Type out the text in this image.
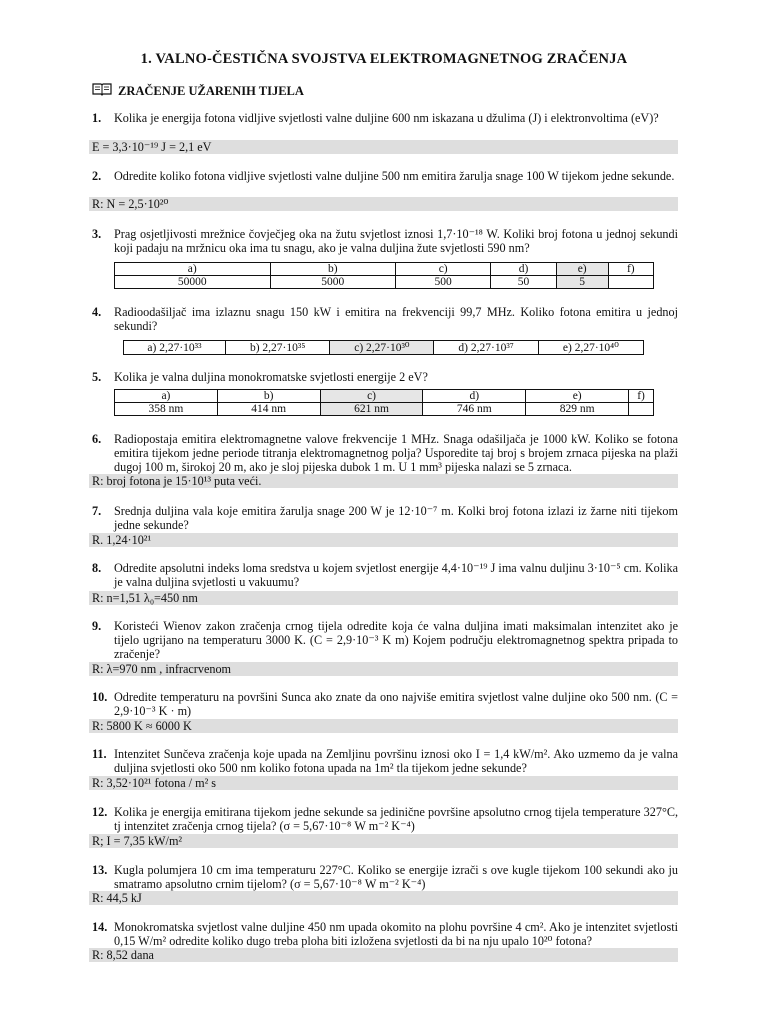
1. VALNO-ČESTIČNA SVOJSTVA ELEKTROMAGNETNOG ZRAČENJA
ZRAČENJE UŽARENIH TIJELA
1. Kolika je energija fotona vidljive svjetlosti valne duljine 600 nm iskazana u džulima (J) i elektronvoltima (eV)?
E = 3,3·10⁻¹⁹ J = 2,1 eV
2. Odredite koliko fotona vidljive svjetlosti valne duljine 500 nm emitira žarulja snage 100 W tijekom jedne sekunde.
R: N = 2,5·10²⁰
3. Prag osjetljivosti mrežnice čovječjeg oka na žutu svjetlost iznosi 1,7·10⁻¹⁸ W. Koliki broj fotona u jednoj sekundi koji padaju na mržnicu oka ima tu snagu, ako je valna duljina žute svjetlosti 590 nm?
a)	b)	c)	d)	e)	f)
50000	5000	500	50	5	
4. Radioodašiljač ima izlaznu snagu 150 kW i emitira na frekvenciji 99,7 MHz. Koliko fotona emitira u jednoj sekundi?
a) 2,27·10³³	b) 2,27·10³⁵	c) 2,27·10³⁰	d) 2,27·10³⁷	e) 2,27·10⁴⁰
5. Kolika je valna duljina monokromatske svjetlosti energije 2 eV?
a)	b)	c)	d)	e)	f)
358 nm	414 nm	621 nm	746 nm	829 nm	
6. Radiopostaja emitira elektromagnetne valove frekvencije 1 MHz. Snaga odašiljača je 1000 kW. Koliko se fotona emitira tijekom jedne periode titranja elektromagnetnog polja? Usporedite taj broj s brojem zrnaca pijeska na plaži dugoj 100 m, širokoj 20 m, ako je sloj pijeska dubok 1 m. U 1 mm³ pijeska nalazi se 5 zrnaca.
R: broj fotona je 15·10¹³ puta veći.
7. Srednja duljina vala koje emitira žarulja snage 200 W je 12·10⁻⁷ m. Kolki broj fotona izlazi iz žarne niti tijekom jedne sekunde?
R. 1,24·10²¹
8. Odredite apsolutni indeks loma sredstva u kojem svjetlost energije 4,4·10⁻¹⁹ J ima valnu duljinu 3·10⁻⁵ cm. Kolika je valna duljina svjetlosti u vakuumu?
R: n=1,51 λ₀=450 nm
9. Koristeći Wienov zakon zračenja crnog tijela odredite koja će valna duljina imati maksimalan intenzitet ako je tijelo ugrijano na temperaturu 3000 K. (C = 2,9·10⁻³ K m) Kojem području elektromagnetnog spektra pripada to zračenje?
R: λ=970 nm , infracrvenom
10. Odredite temperaturu na površini Sunca ako znate da ono najviše emitira svjetlost valne duljine oko 500 nm. (C = 2,9·10⁻³ K · m)
R: 5800 K ≈ 6000 K
11. Intenzitet Sunčeva zračenja koje upada na Zemljinu površinu iznosi oko I = 1,4 kW/m². Ako uzmemo da je valna duljina svjetlosti oko 500 nm koliko fotona upada na 1m² tla tijekom jedne sekunde?
R: 3,52·10²¹ fotona / m² s
12. Kolika je energija emitirana tijekom jedne sekunde sa jedinične površine apsolutno crnog tijela temperature 327°C, tj intenzitet zračenja crnog tijela? (σ = 5,67·10⁻⁸ W m⁻² K⁻⁴)
R; I = 7,35 kW/m²
13. Kugla polumjera 10 cm ima temperaturu 227°C. Koliko se energije izrači s ove kugle tijekom 100 sekundi ako ju smatramo apsolutno crnim tijelom? (σ = 5,67·10⁻⁸ W m⁻² K⁻⁴)
R: 44,5 kJ
14. Monokromatska svjetlost valne duljine 450 nm upada okomito na plohu površine 4 cm². Ako je intenzitet svjetlosti 0,15 W/m² odredite koliko dugo treba ploha biti izložena svjetlosti da bi na nju upalo 10²⁰ fotona?
R: 8,52 dana
